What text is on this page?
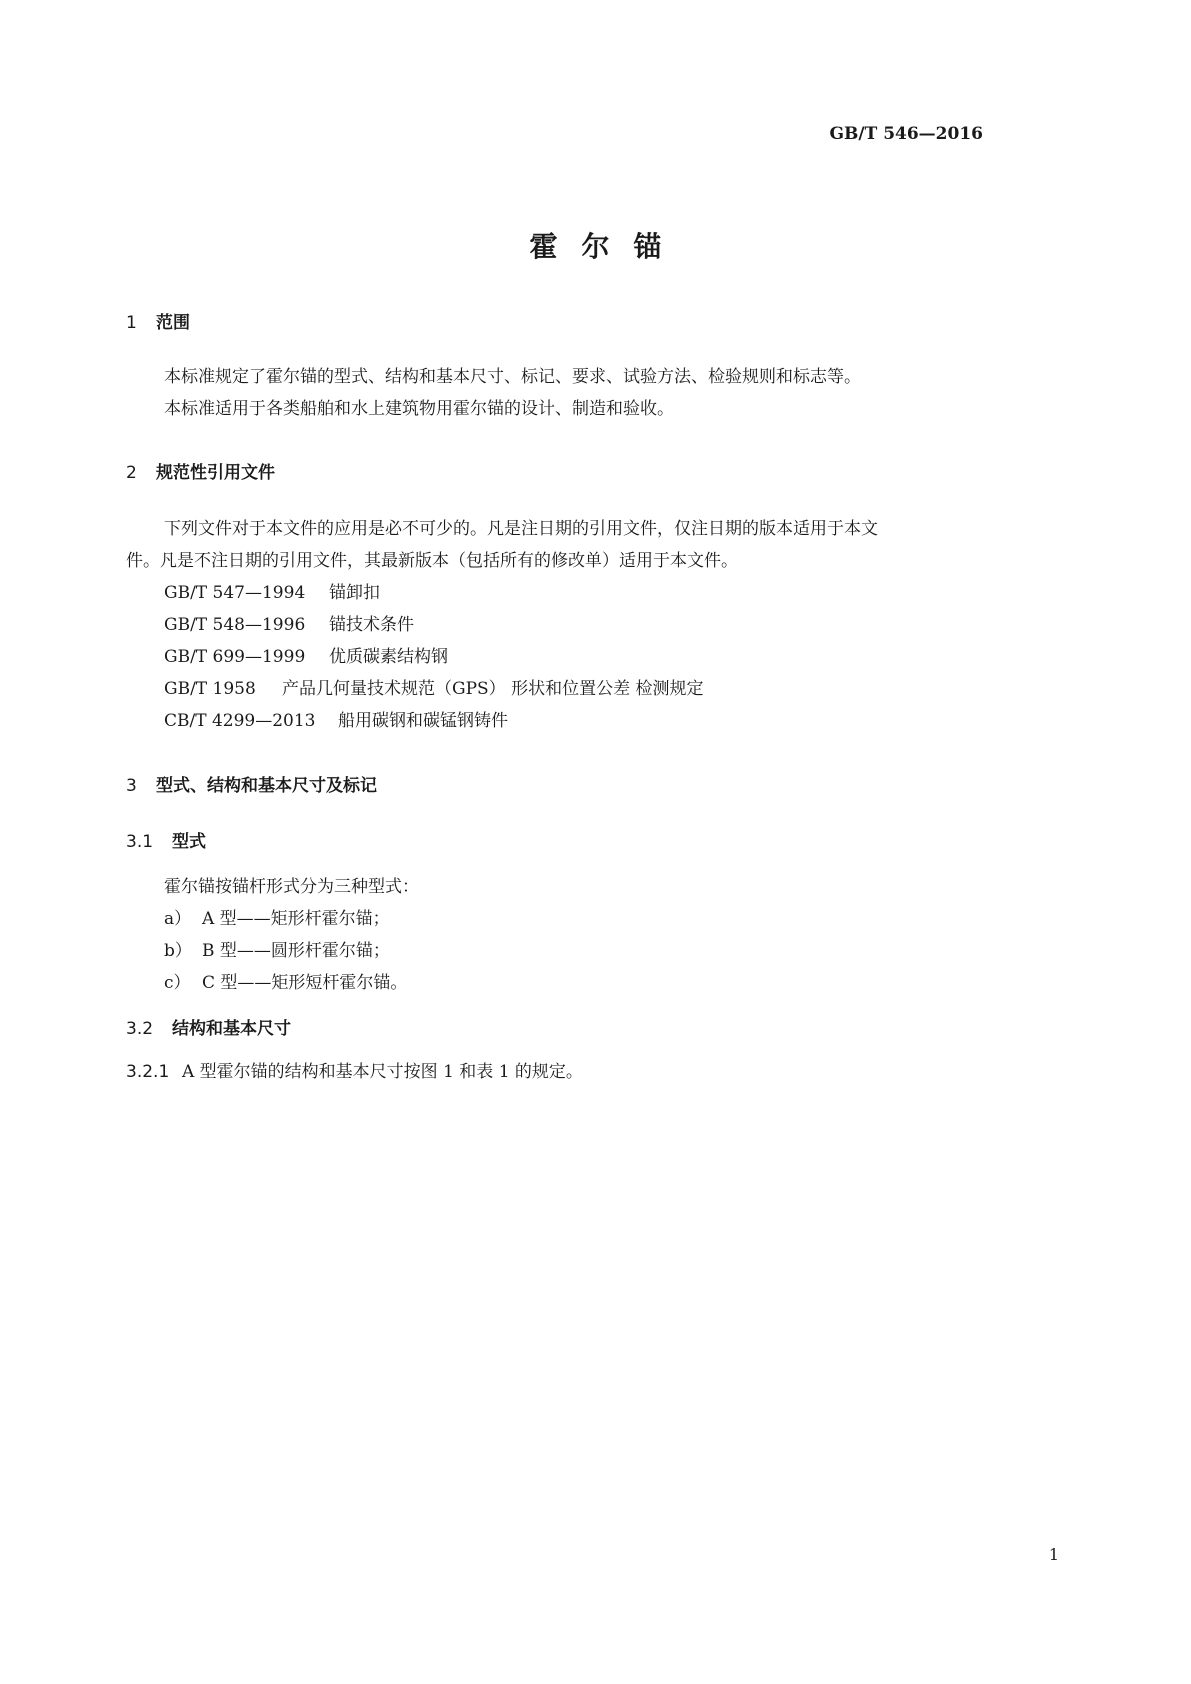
GB/T 546—2016
霍尔锚
1 范围
本标准规定了霍尔锚的型式、结构和基本尺寸、标记、要求、试验方法、检验规则和标志等。
本标准适用于各类船舶和水上建筑物用霍尔锚的设计、制造和验收。
2 规范性引用文件
下列文件对于本文件的应用是必不可少的。凡是注日期的引用文件，仅注日期的版本适用于本文
件。凡是不注日期的引用文件，其最新版本（包括所有的修改单）适用于本文件。
GB/T 547—1994 锚卸扣
GB/T 548—1996 锚技术条件
GB/T 699—1999 优质碳素结构钢
GB/T 1958 产品几何量技术规范（GPS） 形状和位置公差 检测规定
CB/T 4299—2013 船用碳钢和碳锰钢铸件
3 型式、结构和基本尺寸及标记
3.1 型式
霍尔锚按锚杆形式分为三种型式：
a） A 型——矩形杆霍尔锚；
b） B 型——圆形杆霍尔锚；
c） C 型——矩形短杆霍尔锚。
3.2 结构和基本尺寸
3.2.1 A 型霍尔锚的结构和基本尺寸按图 1 和表 1 的规定。
1
